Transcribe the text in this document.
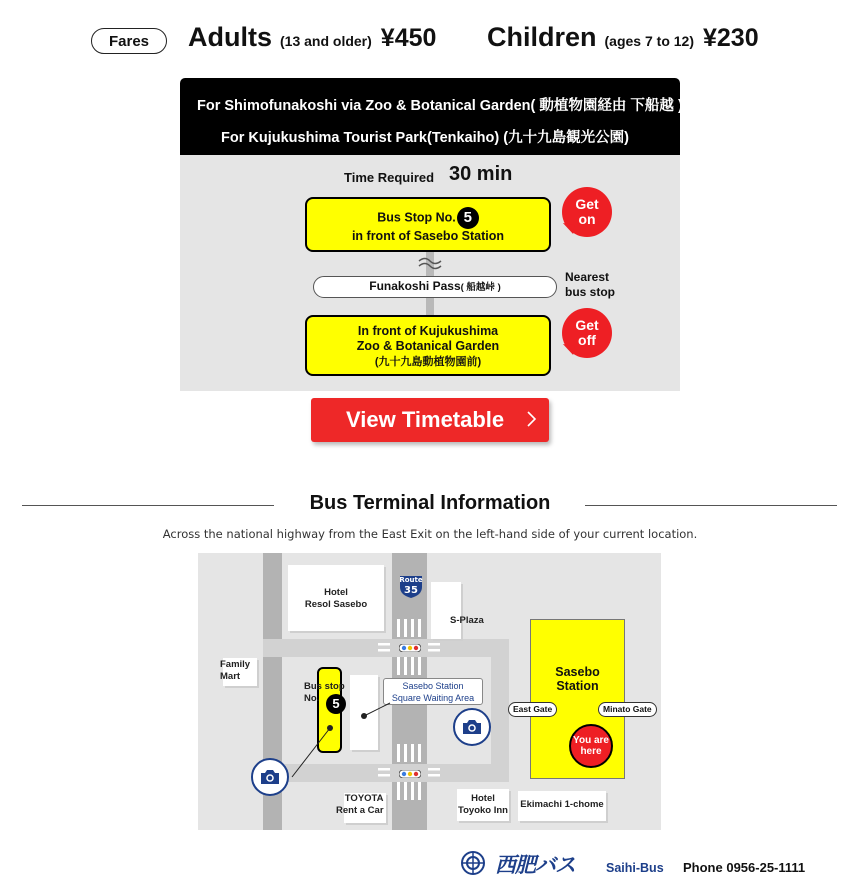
Fares	Adults (13 and older) ¥450 Children (ages 7 to 12) ¥230
For Shimofunakoshi via Zoo & Botanical Garden( 動植物園経由 下船越 )
For Kujukushima Tourist Park(Tenkaiho) (九十九島観光公園)
Time Required 30 min
Bus Stop No. 5
in front of Sasebo Station
Get
on
Funakoshi Pass( 船越峠 )
Nearest
bus stop
In front of Kujukushima
Zoo & Botanical Garden
(九十九島動植物園前)
Get
off
View Timetable
Bus Terminal Information
Across the national highway from the East Exit on the left-hand side of your current location.
Route
35
Hotel
Resol Sasebo
S-Plaza
Family
Mart
TOYOTA
Rent a Car
Hotel
Toyoko Inn
Ekimachi 1-chome
Bus stop
No.	5
Sasebo Station
Square Waiting Area
Sasebo
Station
East Gate	Minato Gate
You are
here
西肥バス Saihi-Bus Phone 0956-25-1111
